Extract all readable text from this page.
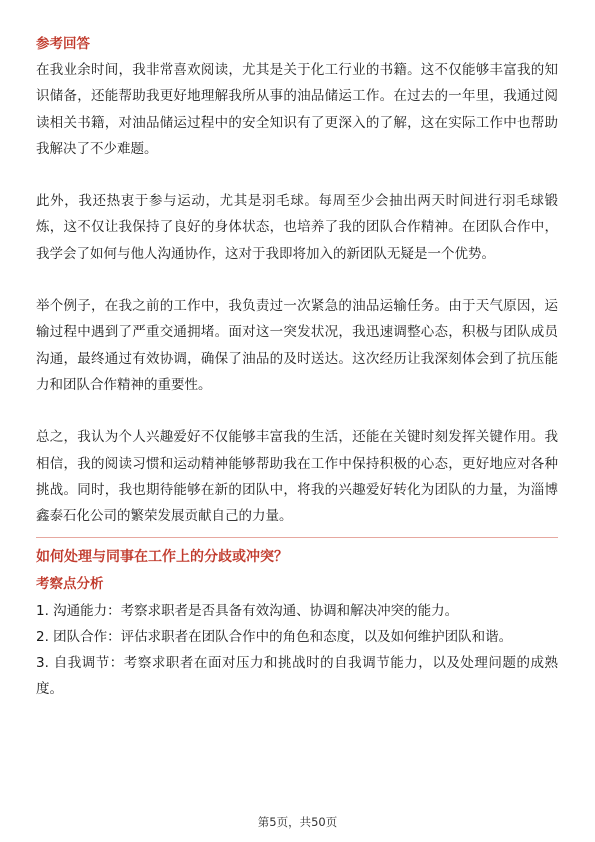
参考回答

在我业余时间，我非常喜欢阅读，尤其是关于化工行业的书籍。这不仅能够丰富我的知识储备，还能帮助我更好地理解我所从事的油品储运工作。在过去的一年里，我通过阅读相关书籍，对油品储运过程中的安全知识有了更深入的了解，这在实际工作中也帮助我解决了不少难题。

此外，我还热衷于参与运动，尤其是羽毛球。每周至少会抽出两天时间进行羽毛球锻炼，这不仅让我保持了良好的身体状态，也培养了我的团队合作精神。在团队合作中，我学会了如何与他人沟通协作，这对于我即将加入的新团队无疑是一个优势。

举个例子，在我之前的工作中，我负责过一次紧急的油品运输任务。由于天气原因，运输过程中遇到了严重交通拥堵。面对这一突发状况，我迅速调整心态，积极与团队成员沟通，最终通过有效协调，确保了油品的及时送达。这次经历让我深刻体会到了抗压能力和团队合作精神的重要性。

总之，我认为个人兴趣爱好不仅能够丰富我的生活，还能在关键时刻发挥关键作用。我相信，我的阅读习惯和运动精神能够帮助我在工作中保持积极的心态，更好地应对各种挑战。同时，我也期待能够在新的团队中，将我的兴趣爱好转化为团队的力量，为淄博鑫泰石化公司的繁荣发展贡献自己的力量。

如何处理与同事在工作上的分歧或冲突？
考察点分析
1. 沟通能力：考察求职者是否具备有效沟通、协调和解决冲突的能力。
2. 团队合作：评估求职者在团队合作中的角色和态度，以及如何维护团队和谐。
3. 自我调节：考察求职者在面对压力和挑战时的自我调节能力，以及处理问题的成熟度。
第5页，共50页
